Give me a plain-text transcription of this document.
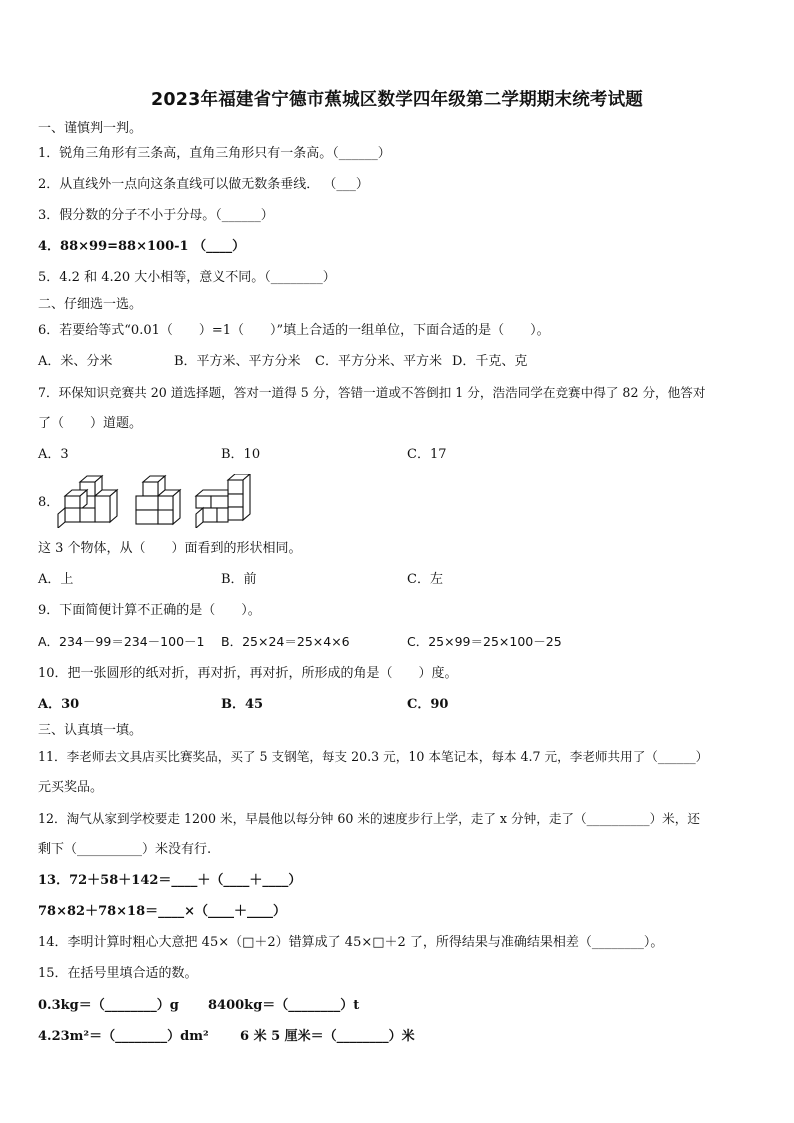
2023年福建省宁德市蕉城区数学四年级第二学期期末统考试题
一、谨慎判一判。
1．锐角三角形有三条高，直角三角形只有一条高。（______）
2．从直线外一点向这条直线可以做无数条垂线． （___）
3．假分数的分子不小于分母。（______）
4．88×99=88×100-1 （____）
5．4.2 和 4.20 大小相等，意义不同。（________）
二、仔细选一选。
6．若要给等式“0.01（　　）=1（　　）”填上合适的一组单位，下面合适的是（　　）。
A．米、分米	B．平方米、平方分米 C．平方分米、平方米 D．千克、克
7．环保知识竞赛共 20 道选择题，答对一道得 5 分，答错一道或不答倒扣 1 分，浩浩同学在竞赛中得了 82 分，他答对
了（　　）道题。
A．3	B．10	C．17
8．
这 3 个物体，从（　　）面看到的形状相同。
A．上	B．前	C．左
9．下面简便计算不正确的是（　　）。
A．234－99＝234－100－1 B．25×24＝25×4×6	C．25×99＝25×100－25
10．把一张圆形的纸对折，再对折，再对折，所形成的角是（　　）度。
A．30	B．45	C．90
三、认真填一填。
11．李老师去文具店买比赛奖品，买了 5 支钢笔，每支 20.3 元，10 本笔记本，每本 4.7 元，李老师共用了（______）
元买奖品。
12．淘气从家到学校要走 1200 米，早晨他以每分钟 60 米的速度步行上学，走了 x 分钟，走了（__________）米，还
剩下（__________）米没有行.
13．72＋58＋142＝____＋（____＋____）
78×82＋78×18＝____×（____＋____）
14．李明计算时粗心大意把 45×（□＋2）错算成了 45×□＋2 了，所得结果与准确结果相差（________）。
15．在括号里填合适的数。
0.3kg＝（________）g 8400kg＝（________）t
4.23m²＝（________）dm² 6 米 5 厘米＝（________）米
